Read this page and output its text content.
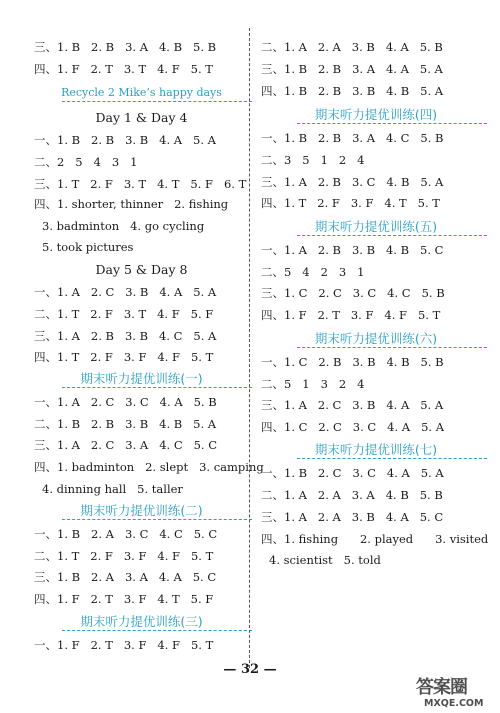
三、1. B   2. B   3. A   4. B   5. B
四、1. F   2. T   3. T   4. F   5. T
Recycle 2 Mike’s happy days
Day 1 & Day 4
一、1. B   2. B   3. B   4. A   5. A
二、2   5   4   3   1
三、1. T   2. F   3. T   4. T   5. F   6. T
四、1. shorter, thinner   2. fishing
3. badminton   4. go cycling
5. took pictures
Day 5 & Day 8
一、1. A   2. C   3. B   4. A   5. A
二、1. T   2. F   3. T   4. F   5. F
三、1. A   2. B   3. B   4. C   5. A
四、1. T   2. F   3. F   4. F   5. T
期末听力提优训练(一)
一、1. A   2. C   3. C   4. A   5. B
二、1. B   2. B   3. B   4. B   5. A
三、1. A   2. C   3. A   4. C   5. C
四、1. badminton   2. slept   3. camping
4. dinning hall   5. taller
期末听力提优训练(二)
一、1. B   2. A   3. C   4. C   5. C
二、1. T   2. F   3. F   4. F   5. T
三、1. B   2. A   3. A   4. A   5. C
四、1. F   2. T   3. F   4. T   5. F
期末听力提优训练(三)
一、1. F   2. T   3. F   4. F   5. T
二、1. A   2. A   3. B   4. A   5. B
三、1. B   2. B   3. A   4. A   5. A
四、1. B   2. B   3. B   4. B   5. A
期末听力提优训练(四)
一、1. B   2. B   3. A   4. C   5. B
二、3   5   1   2   4
三、1. A   2. B   3. C   4. B   5. A
四、1. T   2. F   3. F   4. T   5. T
期末听力提优训练(五)
一、1. A   2. B   3. B   4. B   5. C
二、5   4   2   3   1
三、1. C   2. C   3. C   4. C   5. B
四、1. F   2. T   3. F   4. F   5. T
期末听力提优训练(六)
一、1. C   2. B   3. B   4. B   5. B
二、5   1   3   2   4
三、1. A   2. C   3. B   4. A   5. A
四、1. C   2. C   3. C   4. A   5. A
期末听力提优训练(七)
一、1. B   2. C   3. C   4. A   5. A
二、1. A   2. A   3. A   4. B   5. B
三、1. A   2. A   3. B   4. A   5. C
四、1. fishing      2. played      3. visited
4. scientist   5. told
— 32 —
答案圈
MXQE.COM
